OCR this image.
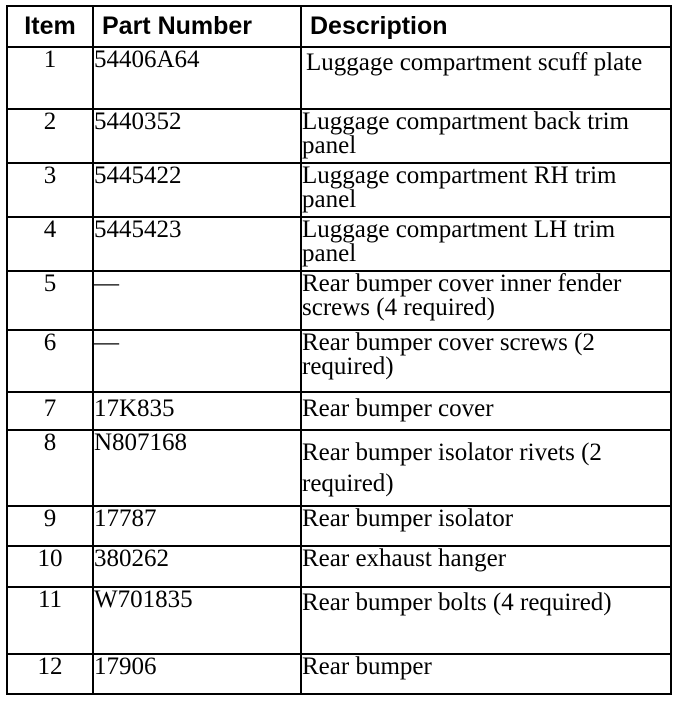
Item	Part Number	Description
1	54406A64	Luggage compartment scuff plate
2	5440352	Luggage compartment back trim panel
3	5445422	Luggage compartment RH trim panel
4	5445423	Luggage compartment LH trim panel
5	—	Rear bumper cover inner fender screws (4 required)
6	—	Rear bumper cover screws (2 required)
7	17K835	Rear bumper cover
8	N807168	Rear bumper isolator rivets (2 required)
9	17787	Rear bumper isolator
10	380262	Rear exhaust hanger
11	W701835	Rear bumper bolts (4 required)
12	17906	Rear bumper
